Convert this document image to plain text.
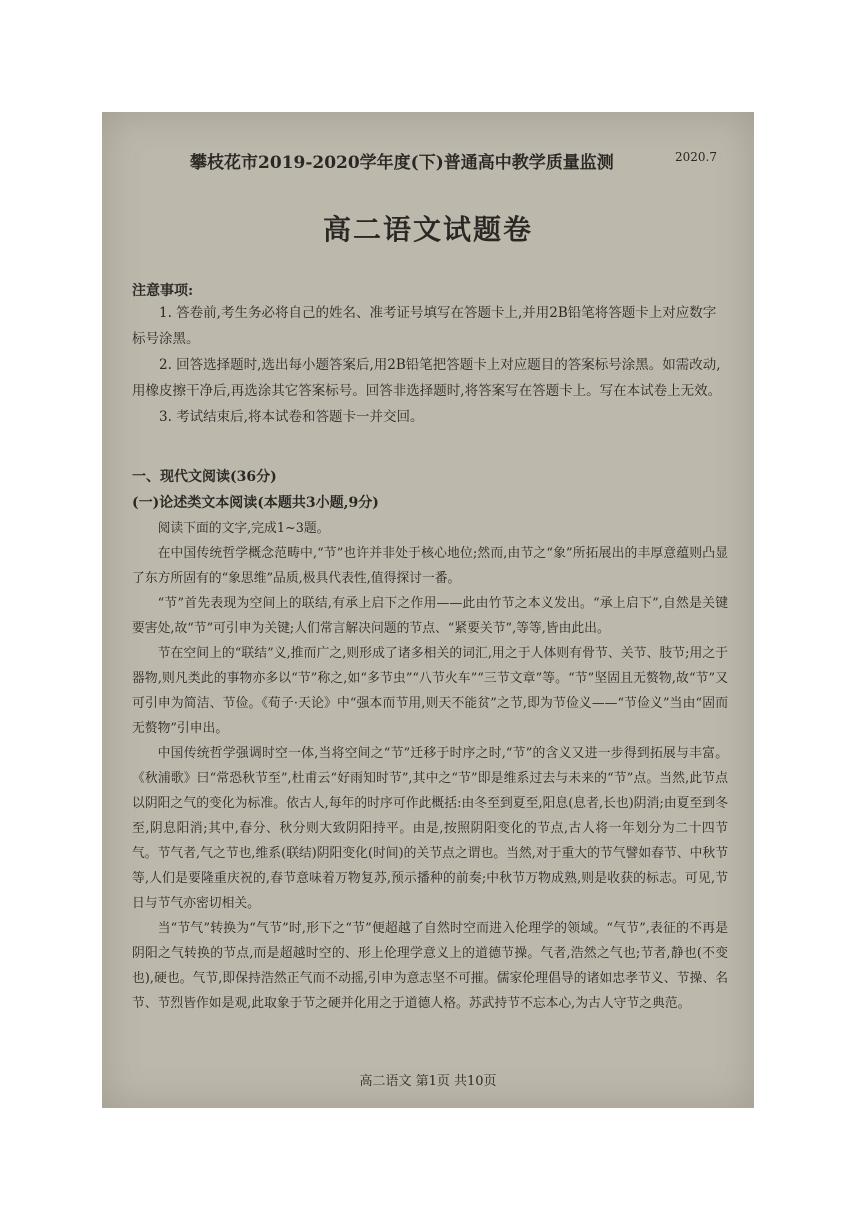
攀枝花市2019-2020学年度(下)普通高中教学质量监测	2020.7
高二语文试题卷
注意事项:

1. 答卷前,考生务必将自己的姓名、准考证号填写在答题卡上,并用2B铅笔将答题卡上对应数字标号涂黑。

2. 回答选择题时,选出每小题答案后,用2B铅笔把答题卡上对应题目的答案标号涂黑。如需改动,用橡皮擦干净后,再选涂其它答案标号。回答非选择题时,将答案写在答题卡上。写在本试卷上无效。

3. 考试结束后,将本试卷和答题卡一并交回。

一、现代文阅读(36分)
(一)论述类文本阅读(本题共3小题,9分)

阅读下面的文字,完成1~3题。

在中国传统哲学概念范畴中,“节”也许并非处于核心地位;然而,由节之“象”所拓展出的丰厚意蕴则凸显了东方所固有的“象思维”品质,极具代表性,值得探讨一番。

“节”首先表现为空间上的联结,有承上启下之作用——此由竹节之本义发出。“承上启下”,自然是关键要害处,故“节”可引申为关键;人们常言解决问题的节点、“紧要关节”,等等,皆由此出。

节在空间上的“联结”义,推而广之,则形成了诸多相关的词汇,用之于人体则有骨节、关节、肢节;用之于器物,则凡类此的事物亦多以“节”称之,如“多节虫”“八节火车”“三节文章”等。“节”坚固且无赘物,故“节”又可引申为简洁、节俭。《荀子·天论》中“强本而节用,则天不能贫”之节,即为节俭义——“节俭义”当由“固而无赘物”引申出。

中国传统哲学强调时空一体,当将空间之“节”迁移于时序之时,“节”的含义又进一步得到拓展与丰富。《秋浦歌》曰“常恐秋节至”,杜甫云“好雨知时节”,其中之“节”即是维系过去与未来的“节”点。当然,此节点以阴阳之气的变化为标准。依古人,每年的时序可作此概括:由冬至到夏至,阳息(息者,长也)阴消;由夏至到冬至,阴息阳消;其中,春分、秋分则大致阴阳持平。由是,按照阴阳变化的节点,古人将一年划分为二十四节气。节气者,气之节也,维系(联结)阴阳变化(时间)的关节点之谓也。当然,对于重大的节气譬如春节、中秋节等,人们是要隆重庆祝的,春节意味着万物复苏,预示播种的前奏;中秋节万物成熟,则是收获的标志。可见,节日与节气亦密切相关。

当“节气”转换为“气节”时,形下之“节”便超越了自然时空而进入伦理学的领域。“气节”,表征的不再是阴阳之气转换的节点,而是超越时空的、形上伦理学意义上的道德节操。气者,浩然之气也;节者,静也(不变也),硬也。气节,即保持浩然正气而不动摇,引申为意志坚不可摧。儒家伦理倡导的诸如忠孝节义、节操、名节、节烈皆作如是观,此取象于节之硬并化用之于道德人格。苏武持节不忘本心,为古人守节之典范。

高二语文 第1页 共10页
